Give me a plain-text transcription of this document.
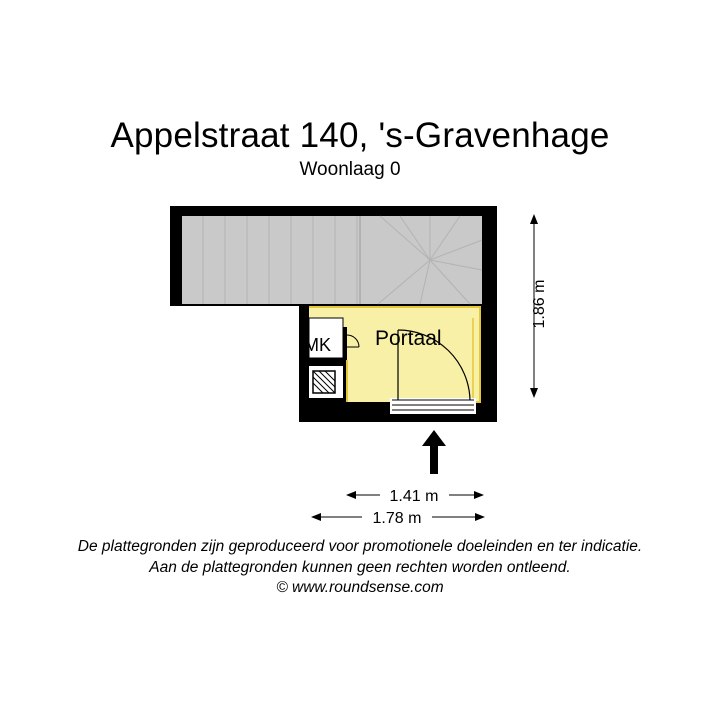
Appelstraat 140, 's-Gravenhage
Woonlaag 0
MK Portaal
1.86 m
1.41 m
1.78 m
De plattegronden zijn geproduceerd voor promotionele doeleinden en ter indicatie.
Aan de plattegronden kunnen geen rechten worden ontleend.
© www.roundsense.com
